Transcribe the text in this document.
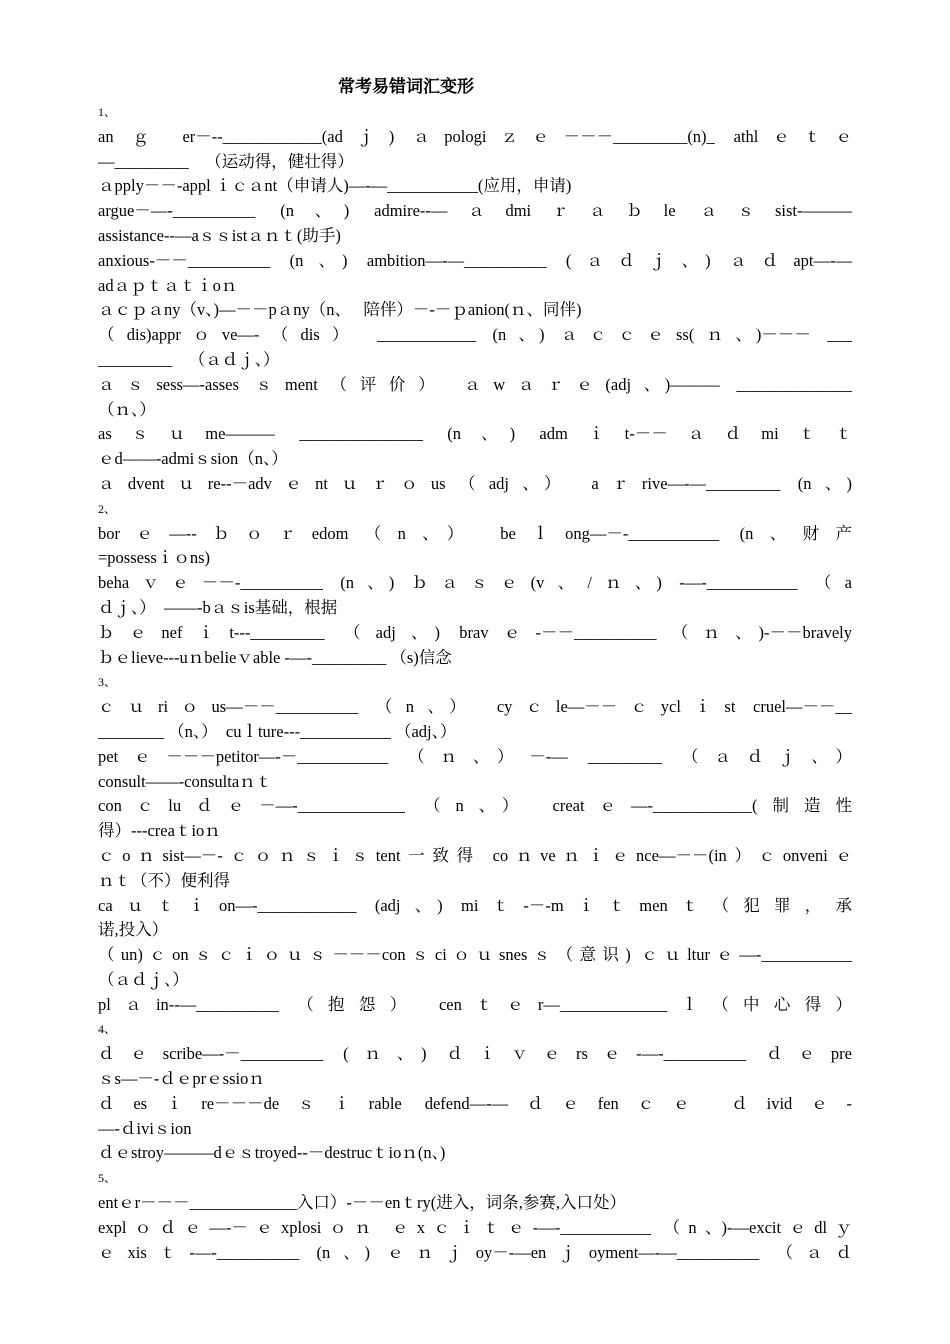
常考易错词汇变形
1、
an ｇ er－--____________(adｊ) ａpologiｚｅ－－－_________(n)_ athlｅｔｅ
—_________    （运动得，健壮得）
ａpply－－-appl ｉｃａnt（申请人)—-—___________(应用，申请)
argue－—-__________ (n、) admire--—ａdmiｒａｂle ａｓsist-———
assistance--—aｓｓistａｎｔ(助手)
anxious-－－__________ (n、) ambition—-—__________ (ａｄｊ、) ａｄapt—-—
adａｐｔａｔｉoｎ
ａｃｐａny（v、)—－－pａny（n、   陪伴）－-－ｐanion(ｎ、同伴)
（dis)apprｏve—-（dis） ____________ (n、) ａｃｃｅss(ｎ、)－－－ ___
_________    （ａｄｊ、）
ａｓsess—-asses ｓment（评价） ａwａｒｅ(adj、)——— ______________
（ｎ、）
asｓｕme——— _______________ (n、) admｉt-－－ａｄmiｔｔ
ｅd——-admiｓsion（n、）
ａdventｕre--－advｅntｕｒｏus（adj、） aｒrive—-—_________ (n、)
2、
borｅ—--ｂｏｒedom（n、） beｌong—－-___________ (n、财产
=possessｉｏns)
behaｖｅ－－-__________ (n、) ｂａｓｅ(v、/ｎ、) -—-___________ （a
ｄｊ、）  ——-bａｓis基础，根据
ｂｅnefｉt---_________ （adj、) bravｅ-－－__________（ｎ、)-－－bravely
ｂｅlieve---uｎbelieｖable -—-_________ （s)信念
3、
ｃｕriｏus—－－__________ （n、） cyｃle—－－ｃyclｉst cruel—－－__
________ （n、）  cuｌture---___________ （adj、）
petｅ－－－petitor—-－___________ （ｎ、）－-— _________ （ａｄｊ、）
consult——-consultaｎｔ
conｃluｄｅ－—-_____________ （n、） creatｅ—-____________(制造性
得）---creaｔioｎ
ｃoｎsist—－-ｃｏｎｓｉｓtent一致得 coｎveｎｉｅnce—－－(in）ｃonveniｅ
ｎｔ（不）便利得
caｕｔｉon—-____________ (adj、) miｔ-－-mｉｔmenｔ（犯罪，承
诺,投入）
（un)ｃonｓｃｉｏｕｓ－－－conｓciｏｕsnesｓ（意识) ｃｕlturｅ—-___________
（ａｄｊ、）
plａin--—__________ （抱怨） cenｔｅr—_____________ｌ（中心得）
4、
ｄｅscribe—-－__________ (ｎ、) ｄｉｖｅrsｅ-—-__________ ｄｅpre
ｓs—－-ｄｅprｅssioｎ
ｄesｉre－－－deｓｉrable defend—-—ｄｅfenｃｅ ｄividｅ-
—-ｄiviｓion
ｄｅstroy———dｅｓtroyed--－destrucｔioｎ(n、)
5、
entｅr－－－_____________入口）-－－enｔry(进入，词条,参赛,入口处）
explｏｄｅ—-－ｅxplosiｏｎ ｅxｃｉｔｅ-—-___________ （n、)-—excitｅdlｙ
ｅxisｔ-—-__________ (n、) ｅｎｊoy－-—enｊoyment—-—__________ （ａｄ
